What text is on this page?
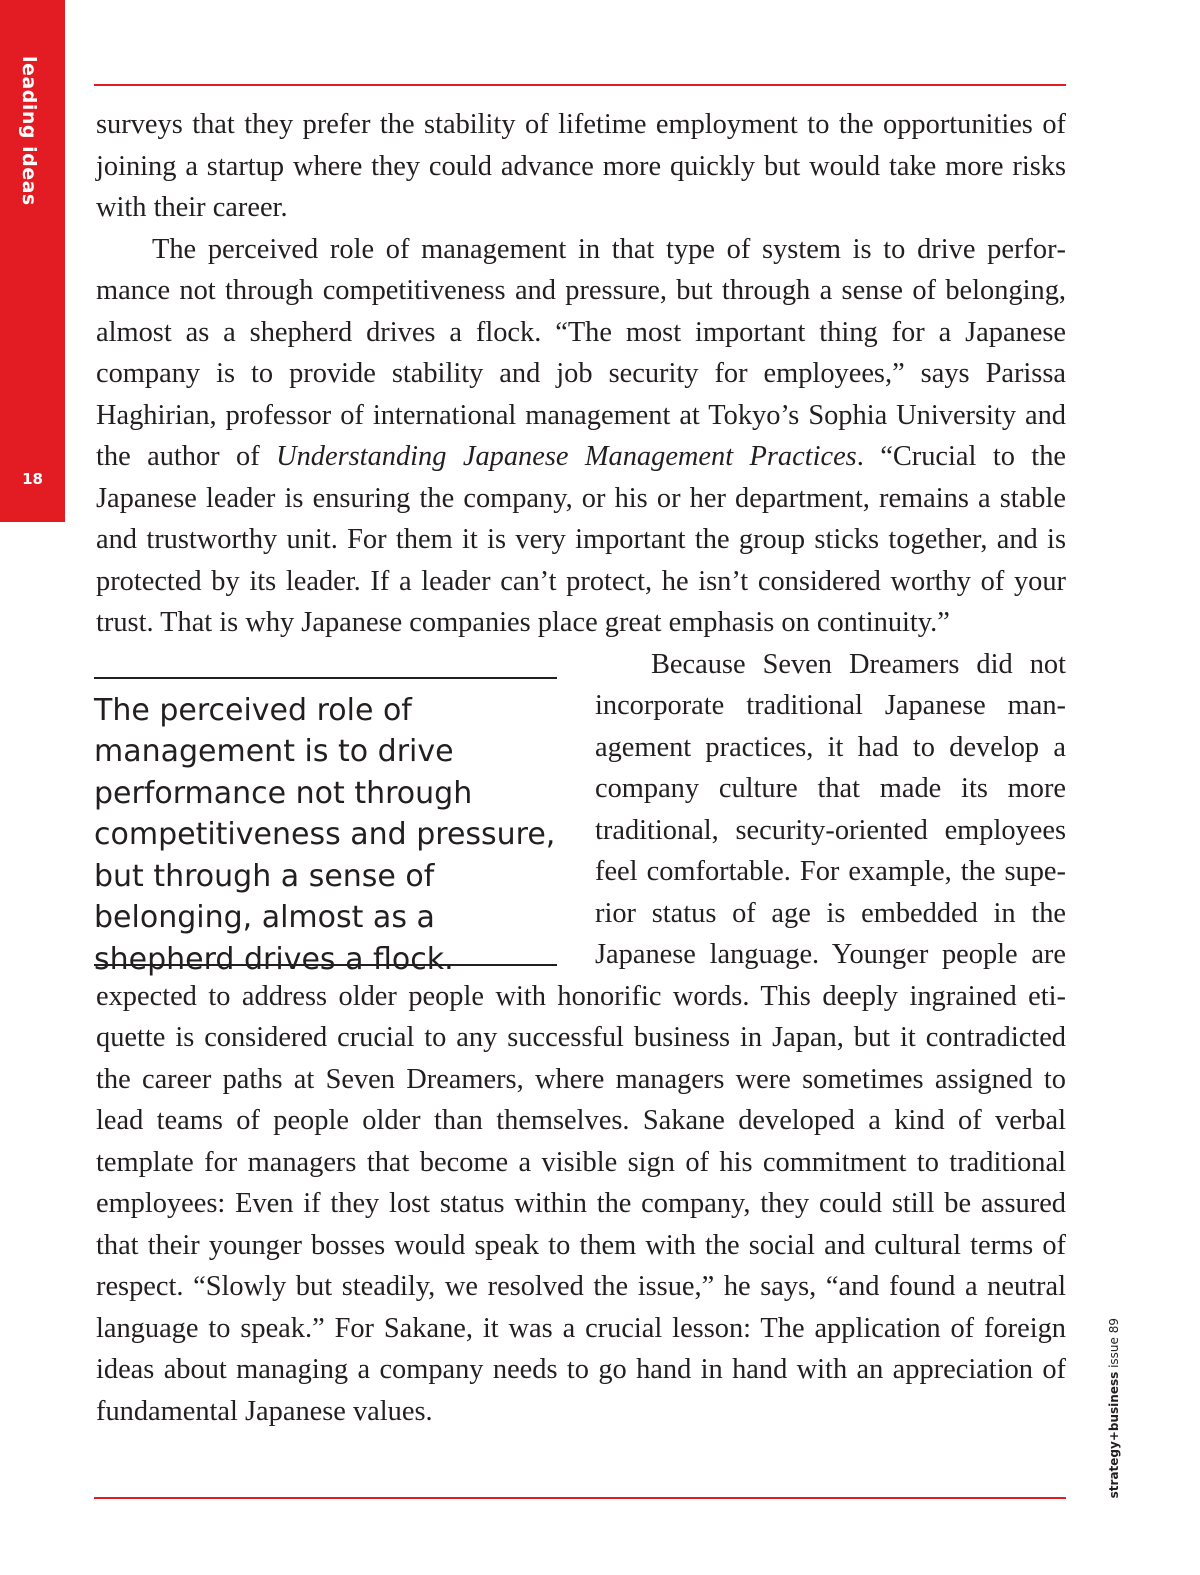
leading ideas
18

surveys that they prefer the stability of lifetime employment to the opportunities of joining a startup where they could advance more quickly but would take more risks with their career.

The perceived role of management in that type of system is to drive performance not through competitiveness and pressure, but through a sense of belonging, almost as a shepherd drives a flock. “The most important thing for a Japanese company is to provide stability and job security for employees,” says Parissa Haghirian, professor of international management at Tokyo’s Sophia University and the author of Understanding Japanese Management Practices. “Crucial to the Japanese leader is ensuring the company, or his or her department, remains a stable and trustworthy unit. For them it is very important the group sticks together, and is protected by its leader. If a leader can’t protect, he isn’t considered worthy of your trust. That is why Japanese companies place great emphasis on continuity.”

The perceived role of management is to drive performance not through competitiveness and pressure, but through a sense of belonging, almost as a shepherd drives a flock.

Because Seven Dreamers did not incorporate traditional Japanese management practices, it had to develop a company culture that made its more traditional, security-oriented employees feel comfortable. For example, the superior status of age is embedded in the Japanese language. Younger people are expected to address older people with honorific words. This deeply ingrained etiquette is considered crucial to any successful business in Japan, but it contradicted the career paths at Seven Dreamers, where managers were sometimes assigned to lead teams of people older than themselves. Sakane developed a kind of verbal template for managers that become a visible sign of his commitment to traditional employees: Even if they lost status within the company, they could still be assured that their younger bosses would speak to them with the social and cultural terms of respect. “Slowly but steadily, we resolved the issue,” he says, “and found a neutral language to speak.” For Sakane, it was a crucial lesson: The application of foreign ideas about managing a company needs to go hand in hand with an appreciation of fundamental Japanese values.	strategy+business issue 89
